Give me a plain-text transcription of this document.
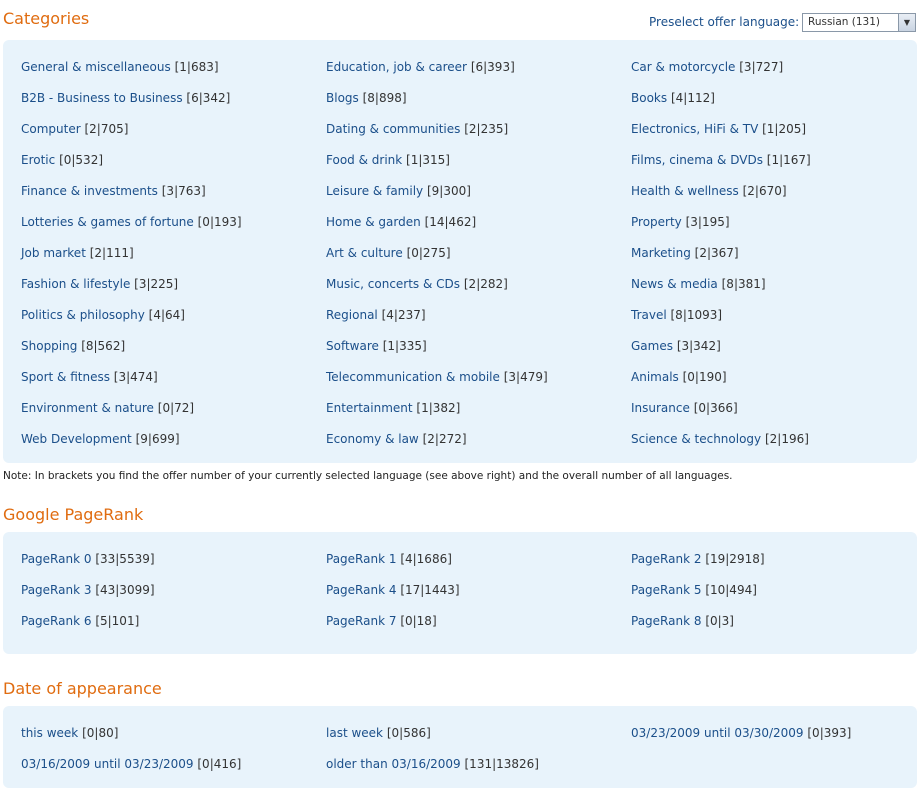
Categories	Preselect offer language: Russian (131)	▼
General & miscellaneous [1|683]	Education, job & career [6|393]	Car & motorcycle [3|727]
B2B - Business to Business [6|342]	Blogs [8|898]	Books [4|112]
Computer [2|705]	Dating & communities [2|235]	Electronics, HiFi & TV [1|205]
Erotic [0|532]	Food & drink [1|315]	Films, cinema & DVDs [1|167]
Finance & investments [3|763]	Leisure & family [9|300]	Health & wellness [2|670]
Lotteries & games of fortune [0|193]	Home & garden [14|462]	Property [3|195]
Job market [2|111]	Art & culture [0|275]	Marketing [2|367]
Fashion & lifestyle [3|225]	Music, concerts & CDs [2|282]	News & media [8|381]
Politics & philosophy [4|64]	Regional [4|237]	Travel [8|1093]
Shopping [8|562]	Software [1|335]	Games [3|342]
Sport & fitness [3|474]	Telecommunication & mobile [3|479]	Animals [0|190]
Environment & nature [0|72]	Entertainment [1|382]	Insurance [0|366]
Web Development [9|699]	Economy & law [2|272]	Science & technology [2|196]
Note: In brackets you find the offer number of your currently selected language (see above right) and the overall number of all languages.
Google PageRank
PageRank 0 [33|5539]	PageRank 1 [4|1686]	PageRank 2 [19|2918]
PageRank 3 [43|3099]	PageRank 4 [17|1443]	PageRank 5 [10|494]
PageRank 6 [5|101]	PageRank 7 [0|18]	PageRank 8 [0|3]
Date of appearance
this week [0|80]	last week [0|586]	03/23/2009 until 03/30/2009 [0|393]
03/16/2009 until 03/23/2009 [0|416]	older than 03/16/2009 [131|13826]
